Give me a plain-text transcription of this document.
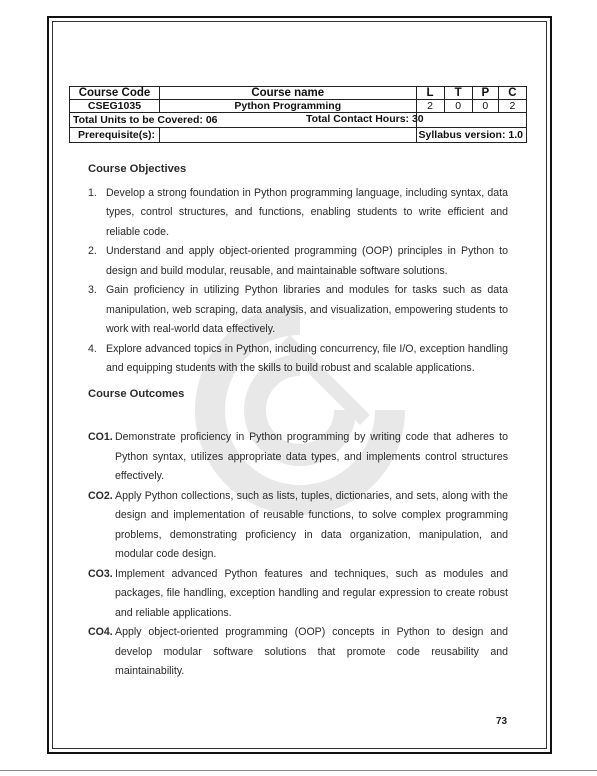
Course Code	Course name	L	T	P	C
CSEG1035	Python Programming	2	0	0	2
Total Units to be Covered: 06 Total Contact Hours: 30					

Prerequisite(s):		Syllabus version: 1.0			

Course Objectives

1. Develop a strong foundation in Python programming language, including syntax, data types, control structures, and functions, enabling students to write efficient and reliable code.
2. Understand and apply object-oriented programming (OOP) principles in Python to design and build modular, reusable, and maintainable software solutions.
3. Gain proficiency in utilizing Python libraries and modules for tasks such as data manipulation, web scraping, data analysis, and visualization, empowering students to work with real-world data effectively.
4. Explore advanced topics in Python, including concurrency, file I/O, exception handling and equipping students with the skills to build robust and scalable applications.

Course Outcomes

CO1. Demonstrate proficiency in Python programming by writing code that adheres to Python syntax, utilizes appropriate data types, and implements control structures effectively.

CO2. Apply Python collections, such as lists, tuples, dictionaries, and sets, along with the design and implementation of reusable functions, to solve complex programming problems, demonstrating proficiency in data organization, manipulation, and modular code design.

CO3. Implement advanced Python features and techniques, such as modules and packages, file handling, exception handling and regular expression to create robust and reliable applications.

CO4. Apply object-oriented programming (OOP) concepts in Python to design and develop modular software solutions that promote code reusability and maintainability.

73
